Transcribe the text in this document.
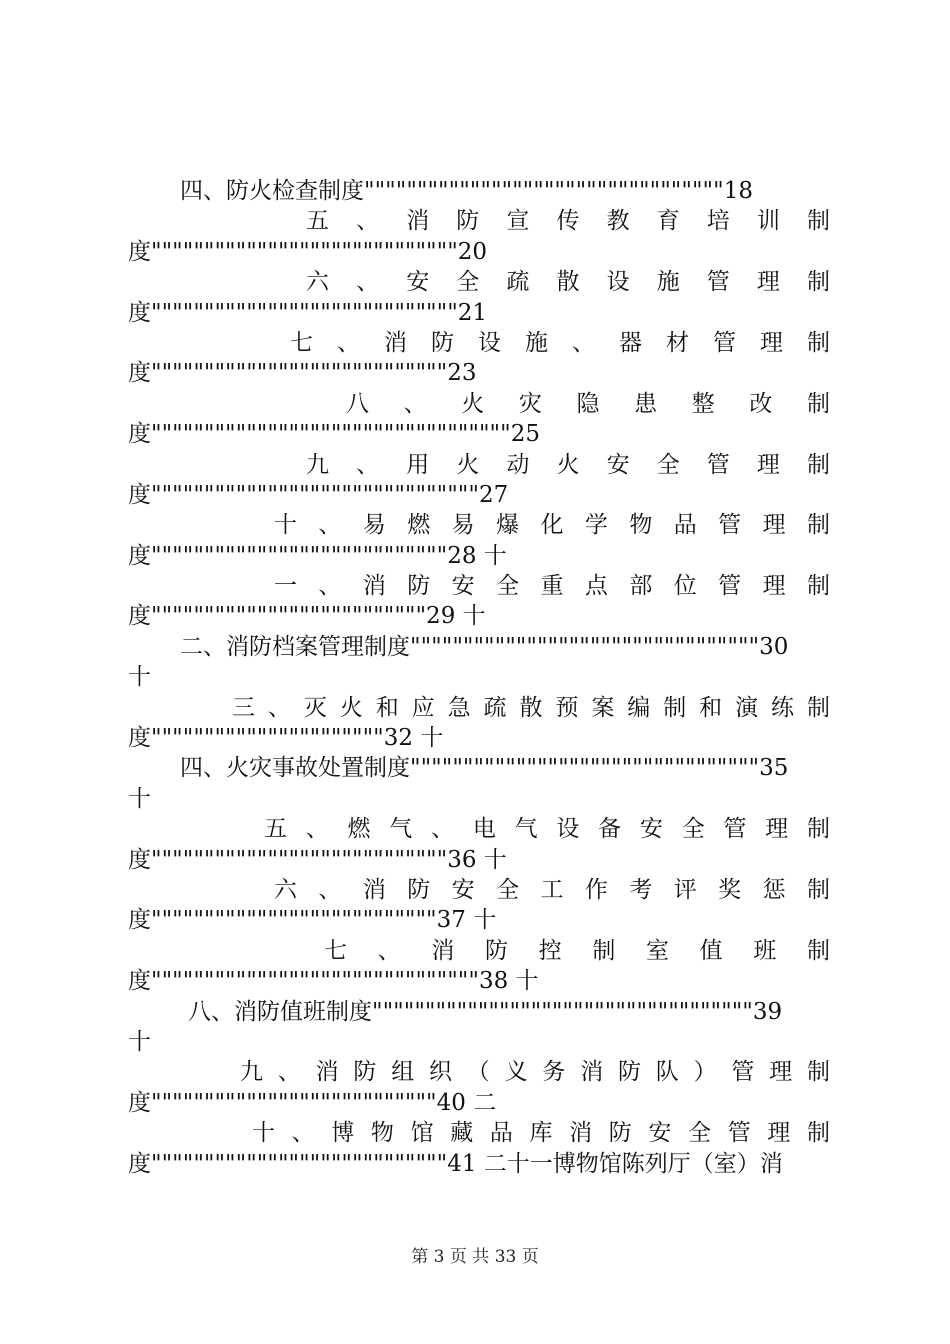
四、防火检查制度""""""""""""""""""""""""""""""""""18
五 、 消 防 宣 传 教 育 培 训 制
度"""""""""""""""""""""""""""""20
六 、 安 全 疏 散 设 施 管 理 制
度"""""""""""""""""""""""""""""21
七 、 消 防 设 施 、 器 材 管 理 制
度""""""""""""""""""""""""""""23
八 、 火 灾 隐 患 整 改 制
度""""""""""""""""""""""""""""""""""25
九 、 用 火 动 火 安 全 管 理 制
度"""""""""""""""""""""""""""""""27
十 、 易 燃 易 爆 化 学 物 品 管 理 制
度""""""""""""""""""""""""""""28 十
一 、 消 防 安 全 重 点 部 位 管 理 制
度""""""""""""""""""""""""""29 十
二、消防档案管理制度"""""""""""""""""""""""""""""""""30
十
三 、 灭 火 和 应 急 疏 散 预 案 编 制 和 演 练 制
度""""""""""""""""""""""32 十
四、火灾事故处置制度"""""""""""""""""""""""""""""""""35
十
五 、 燃 气 、 电 气 设 备 安 全 管 理 制
度""""""""""""""""""""""""""""36 十
六 、 消 防 安 全 工 作 考 评 奖 惩 制
度"""""""""""""""""""""""""""37 十
七 、 消 防 控 制 室 值 班 制
度"""""""""""""""""""""""""""""""38 十
八、消防值班制度""""""""""""""""""""""""""""""""""""39
十
九 、 消 防 组 织 （ 义 务 消 防 队 ） 管 理 制
度"""""""""""""""""""""""""""40 二
十 、 博 物 馆 藏 品 库 消 防 安 全 管 理 制
度""""""""""""""""""""""""""""41 二十一博物馆陈列厅（室）消
第 3 页 共 33 页
